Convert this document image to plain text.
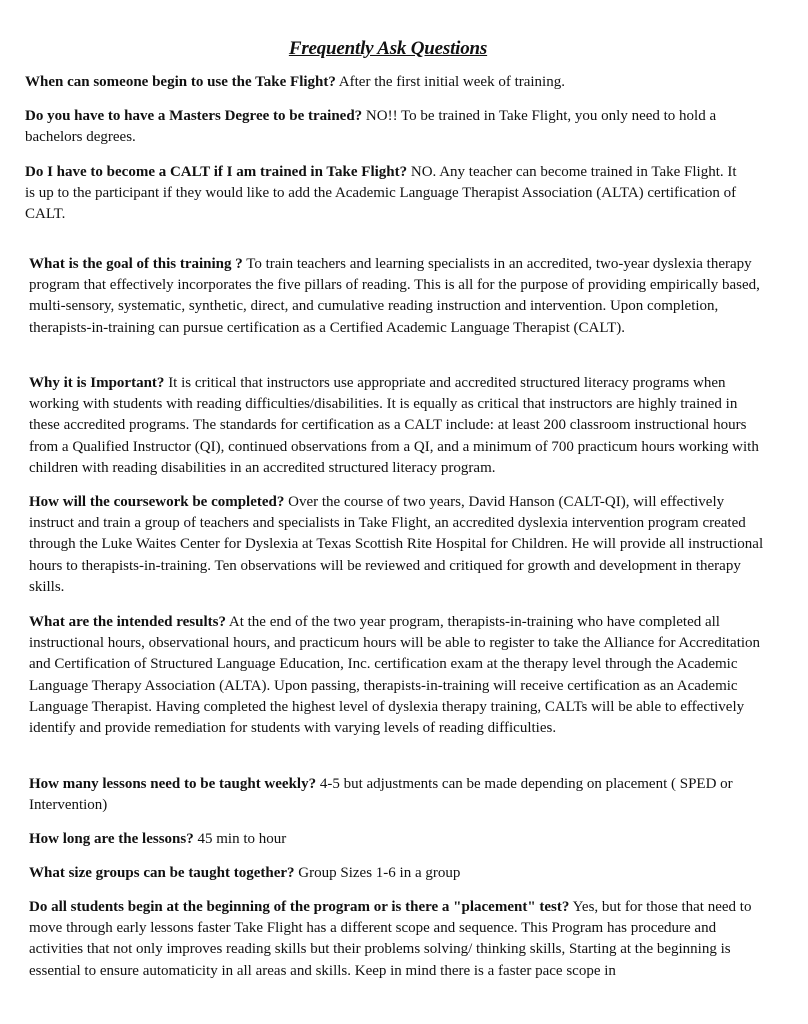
Frequently Ask Questions

When can someone begin to use the Take Flight? After the first initial week of training.

Do you have to have a Masters Degree to be trained? NO!! To be trained in Take Flight, you only need to hold a bachelors degrees.

Do I have to become a CALT if I am trained in Take Flight? NO. Any teacher can become trained in Take Flight. It is up to the participant if they would like to add the Academic Language Therapist Association (ALTA) certification of CALT.

What is the goal of this training ? To train teachers and learning specialists in an accredited, two-year dyslexia therapy program that effectively incorporates the five pillars of reading. This is all for the purpose of providing empirically based, multi-sensory, systematic, synthetic, direct, and cumulative reading instruction and intervention. Upon completion, therapists-in-training can pursue certification as a Certified Academic Language Therapist (CALT).

Why it is Important? It is critical that instructors use appropriate and accredited structured literacy programs when working with students with reading difficulties/disabilities. It is equally as critical that instructors are highly trained in these accredited programs. The standards for certification as a CALT include: at least 200 classroom instructional hours from a Qualified Instructor (QI), continued observations from a QI, and a minimum of 700 practicum hours working with children with reading disabilities in an accredited structured literacy program.

How will the coursework be completed? Over the course of two years, David Hanson (CALT-QI), will effectively instruct and train a group of teachers and specialists in Take Flight, an accredited dyslexia intervention program created through the Luke Waites Center for Dyslexia at Texas Scottish Rite Hospital for Children. He will provide all instructional hours to therapists-in-training. Ten observations will be reviewed and critiqued for growth and development in therapy skills.

What are the intended results? At the end of the two year program, therapists-in-training who have completed all instructional hours, observational hours, and practicum hours will be able to register to take the Alliance for Accreditation and Certification of Structured Language Education, Inc. certification exam at the therapy level through the Academic Language Therapy Association (ALTA). Upon passing, therapists-in-training will receive certification as an Academic Language Therapist. Having completed the highest level of dyslexia therapy training, CALTs will be able to effectively identify and provide remediation for students with varying levels of reading difficulties.

How many lessons need to be taught weekly? 4-5 but adjustments can be made depending on placement ( SPED or Intervention)

How long are the lessons? 45 min to hour

What size groups can be taught together? Group Sizes 1-6 in a group

Do all students begin at the beginning of the program or is there a "placement" test? Yes, but for those that need to move through early lessons faster Take Flight has a different scope and sequence. This Program has procedure and activities that not only improves reading skills but their problems solving/ thinking skills, Starting at the beginning is essential to ensure automaticity in all areas and skills. Keep in mind there is a faster pace scope in
